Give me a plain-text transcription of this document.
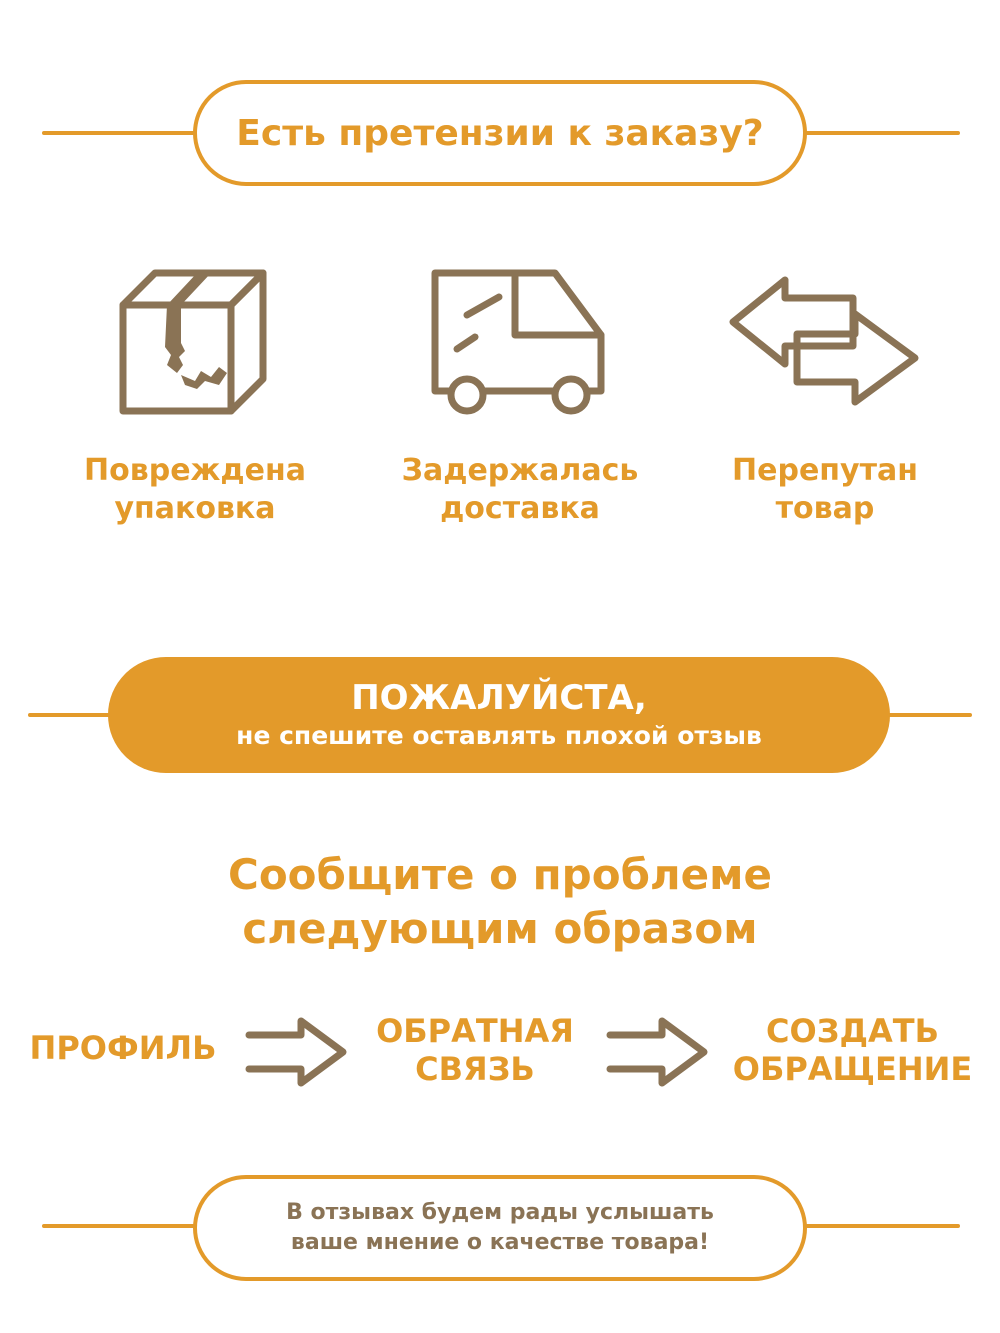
Есть претензии к заказу?
Повреждена
упаковка
Задержалась
доставка
Перепутан
товар
ПОЖАЛУЙСТА,
не спешите оставлять плохой отзыв
Сообщите о проблеме
следующим образом
ПРОФИЛЬ	ОБРАТНАЯ
СВЯЗЬ
СОЗДАТЬ
ОБРАЩЕНИЕ
В отзывах будем рады услышать
ваше мнение о качестве товара!
